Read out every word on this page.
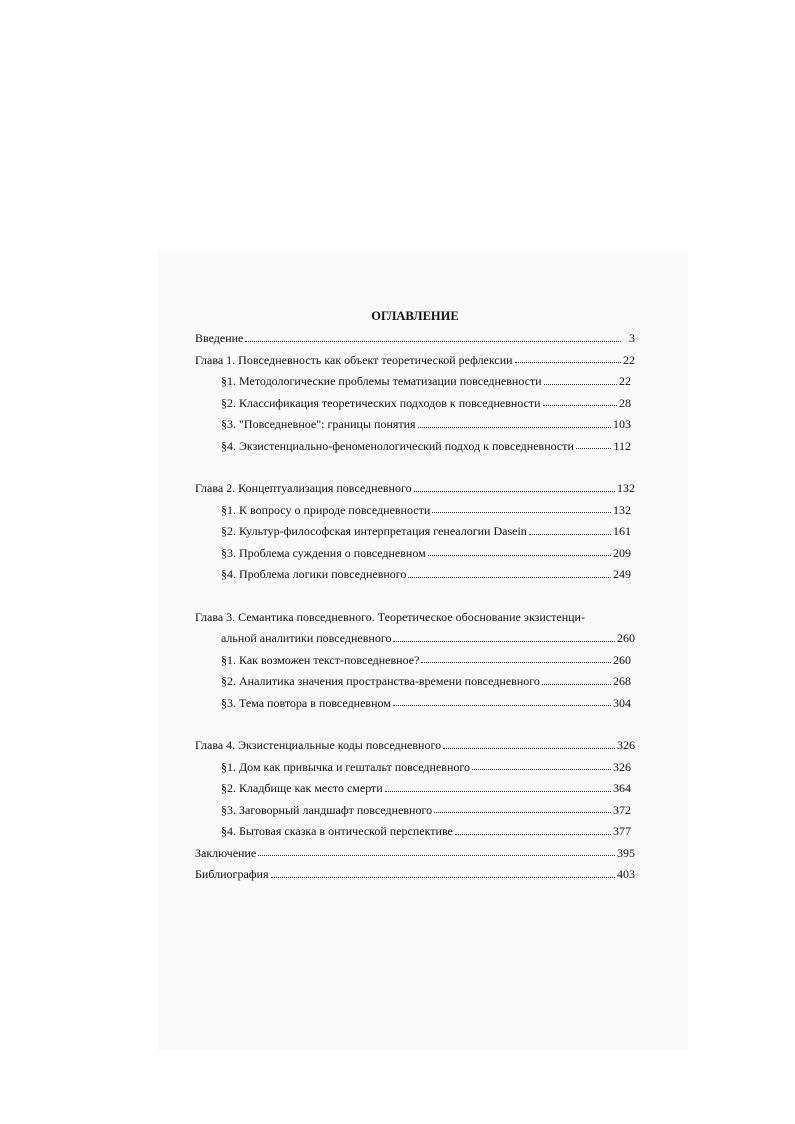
ОГЛАВЛЕНИЕ
Введение	3
Глава 1. Повседневность как объект теоретической рефлексии	22
§1. Методологические проблемы тематизации повседневности	22
§2. Классификация теоретических подходов к повседневности	28
§3. "Повседневное": границы понятия	103
§4. Экзистенциально-феноменологический подход к повседневности	112
Глава 2. Концептуализация повседневного	132
§1. К вопросу о природе повседневности	132
§2. Культур-философская интерпретация генеалогии Dasein	161
§3. Проблема суждения о повседневном	209
§4. Проблема логики повседневного	249
Глава 3. Семантика повседневного. Теоретическое обоснование экзистенци-
альной аналитики повседневного	260
§1. Как возможен текст-повседневное?	260
§2. Аналитика значения пространства-времени повседневного	268
§3. Тема повтора в повседневном	304
Глава 4. Экзистенциальные коды повседневного	326
§1. Дом как привычка и гештальт повседневного	326
§2. Кладбище как место смерти	364
§3. Заговорный ландшафт повседневного	372
§4. Бытовая сказка в онтической перспективе	377
Заключение	395
Библиография	403
